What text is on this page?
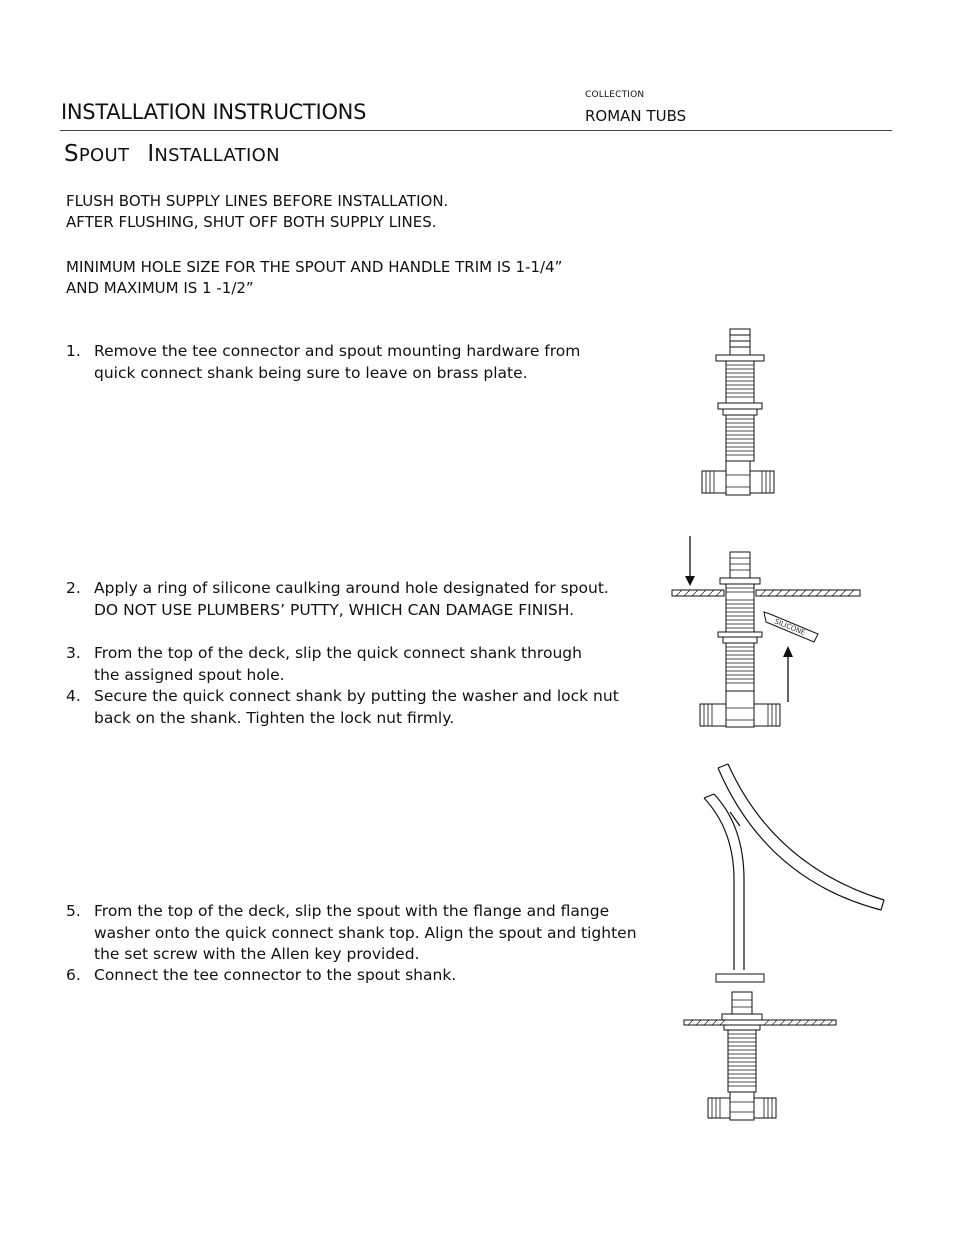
INSTALLATION INSTRUCTIONS
COLLECTION
ROMAN TUBS
SPOUT INSTALLATION
FLUSH BOTH SUPPLY LINES BEFORE INSTALLATION.
AFTER FLUSHING, SHUT OFF BOTH SUPPLY LINES.
MINIMUM HOLE SIZE FOR THE SPOUT AND HANDLE TRIM IS 1-1/4”
AND MAXIMUM IS 1 -1/2”
1. Remove the tee connector and spout mounting hardware from
quick connect shank being sure to leave on brass plate.
2. Apply a ring of silicone caulking around hole designated for spout.
DO NOT USE PLUMBERS’ PUTTY, WHICH CAN DAMAGE FINISH.
3. From the top of the deck, slip the quick connect shank through
the assigned spout hole.
4. Secure the quick connect shank by putting the washer and lock nut
back on the shank. Tighten the lock nut firmly.
5. From the top of the deck, slip the spout with the flange and flange
washer onto the quick connect shank top. Align the spout and tighten
the set screw with the Allen key provided.
6. Connect the tee connector to the spout shank.
SILICONE
